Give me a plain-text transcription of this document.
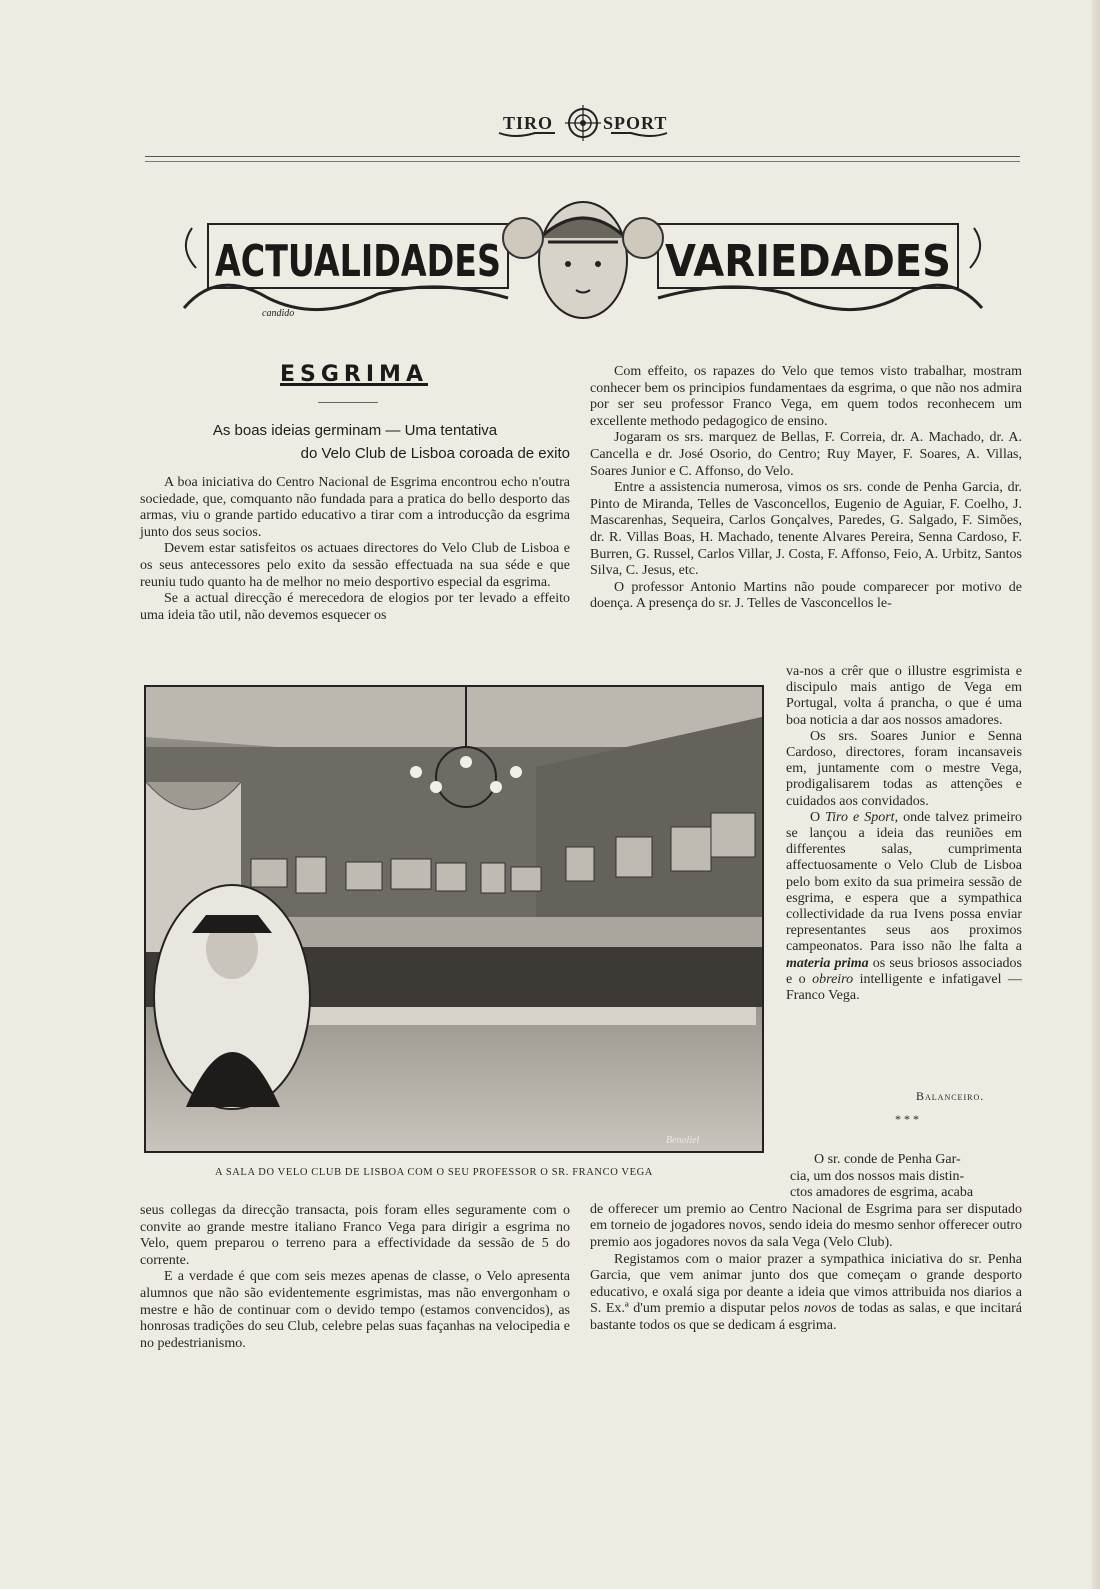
TIRO	SPORT
ACTUALIDADES	VARIEDADES
candido
ESGRIMA
As boas ideias germinam — Uma tentativa
do Velo Club de Lisboa coroada de exito

A boa iniciativa do Centro Nacional de Esgrima encontrou echo n'outra sociedade, que, comquanto não fundada para a pratica do bello desporto das armas, viu o grande partido educativo a tirar com a introducção da esgrima junto dos seus socios.

Devem estar satisfeitos os actuaes directores do Velo Club de Lisboa e os seus antecessores pelo exito da sessão effectuada na sua séde e que reuniu tudo quanto ha de melhor no meio desportivo especial da esgrima.

Se a actual direcção é merecedora de elogios por ter levado a effeito uma ideia tão util, não devemos esquecer os

Com effeito, os rapazes do Velo que temos visto trabalhar, mostram conhecer bem os principios fundamentaes da esgrima, o que não nos admira por ser seu professor Franco Vega, em quem todos reconhecem um excellente methodo pedagogico de ensino.

Jogaram os srs. marquez de Bellas, F. Correia, dr. A. Machado, dr. A. Cancella e dr. José Osorio, do Centro; Ruy Mayer, F. Soares, A. Villas, Soares Junior e C. Affonso, do Velo.

Entre a assistencia numerosa, vimos os srs. conde de Penha Garcia, dr. Pinto de Miranda, Telles de Vasconcellos, Eugenio de Aguiar, F. Coelho, J. Mascarenhas, Sequeira, Carlos Gonçalves, Paredes, G. Salgado, F. Simões, dr. R. Villas Boas, H. Machado, tenente Alvares Pereira, Senna Cardoso, F. Burren, G. Russel, Carlos Villar, J. Costa, F. Affonso, Feio, A. Urbitz, Santos Silva, C. Jesus, etc.

O professor Antonio Martins não poude comparecer por motivo de doença. A presença do sr. J. Telles de Vasconcellos le-

Benoliel
A SALA DO VELO CLUB DE LISBOA COM O SEU PROFESSOR O SR. FRANCO VEGA

va-nos a crêr que o illustre esgrimista e discipulo mais antigo de Vega em Portugal, volta á prancha, o que é uma boa noticia a dar aos nossos amadores.

Os srs. Soares Junior e Senna Cardoso, directores, foram incansaveis em, juntamente com o mestre Vega, prodigalisarem todas as attenções e cuidados aos convidados.

O Tiro e Sport, onde talvez primeiro se lançou a ideia das reuniões em differentes salas, cumprimenta affectuosamente o Velo Club de Lisboa pelo bom exito da sua primeira sessão de esgrima, e espera que a sympathica collectividade da rua Ivens possa enviar representantes seus aos proximos campeonatos. Para isso não lhe falta a materia prima os seus briosos associados e o obreiro intelligente e infatigavel — Franco Vega.

Balanceiro.
* * *

seus collegas da direcção transacta, pois foram elles seguramente com o convite ao grande mestre italiano Franco Vega para dirigir a esgrima no Velo, quem preparou o terreno para a effectividade da sessão de 5 do corrente.

E a verdade é que com seis mezes apenas de classe, o Velo apresenta alumnos que não são evidentemente esgrimistas, mas não envergonham o mestre e hão de continuar com o devido tempo (estamos convencidos), as honrosas tradições do seu Club, celebre pelas suas façanhas na velocipedia e no pedestrianismo.

O sr. conde de Penha Gar-

cia, um dos nossos mais distin-

ctos amadores de esgrima, acaba

de offerecer um premio ao Centro Nacional de Esgrima para ser disputado em torneio de jogadores novos, sendo ideia do mesmo senhor offerecer outro premio aos jogadores novos da sala Vega (Velo Club).

Registamos com o maior prazer a sympathica iniciativa do sr. Penha Garcia, que vem animar junto dos que começam o grande desporto educativo, e oxalá siga por deante a ideia que vimos attribuida nos diarios a S. Ex.ª d'um premio a disputar pelos novos de todas as salas, e que incitará bastante todos os que se dedicam á esgrima.
